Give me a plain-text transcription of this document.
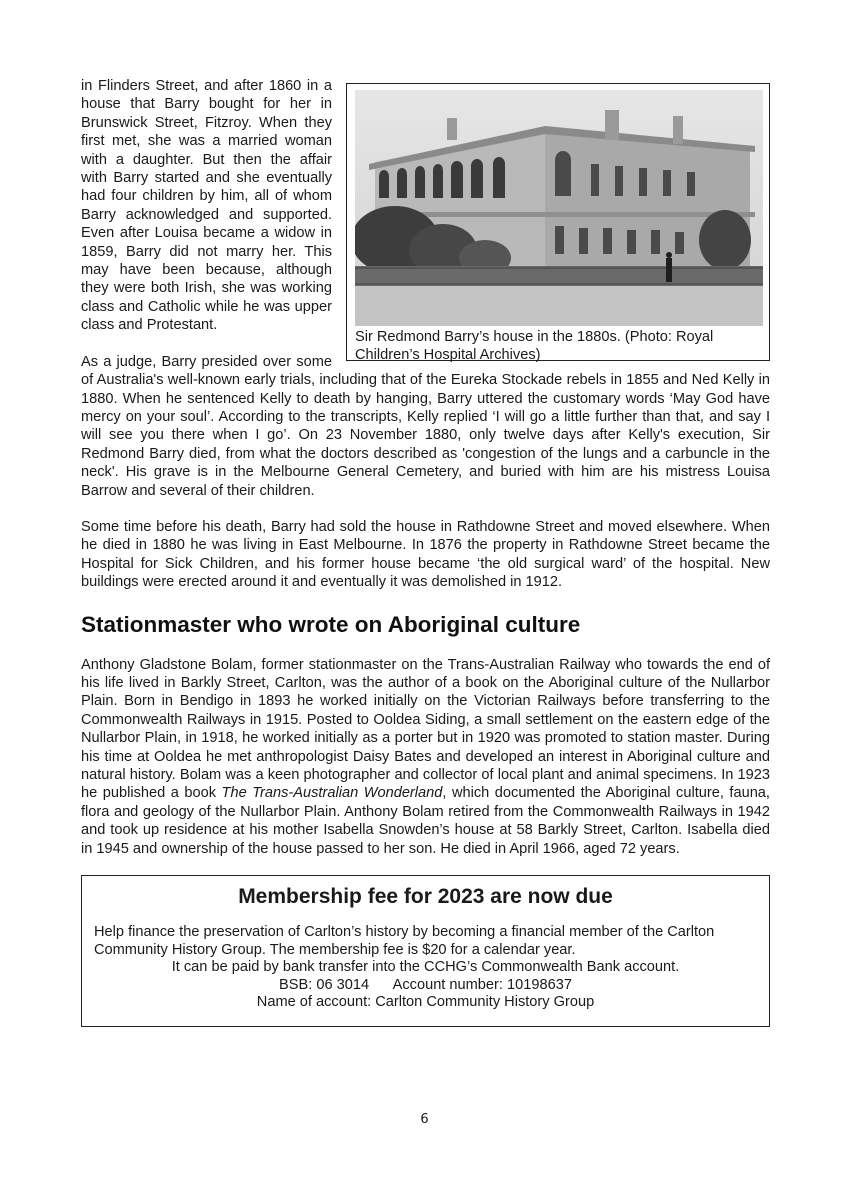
Sir Redmond Barry’s house in the 1880s. (Photo: Royal Children’s Hospital Archives)

in Flinders Street, and after 1860 in a house that Barry bought for her in Brunswick Street, Fitzroy. When they first met, she was a married woman with a daughter. But then the affair with Barry started and she eventually had four children by him, all of whom Barry acknowledged and supported. Even after Louisa became a widow in 1859, Barry did not marry her. This may have been because, although they were both Irish, she was working class and Catholic while he was upper class and Protestant.

As a judge, Barry presided over some of Australia's well-known early trials, including that of the Eureka Stockade rebels in 1855 and Ned Kelly in 1880. When he sentenced Kelly to death by hanging, Barry uttered the customary words ‘May God have mercy on your soul’. According to the transcripts, Kelly replied ‘I will go a little further than that, and say I will see you there when I go’. On 23 November 1880, only twelve days after Kelly's execution, Sir Redmond Barry died, from what the doctors described as 'congestion of the lungs and a carbuncle in the neck'. His grave is in the Melbourne General Cemetery, and buried with him are his mistress Louisa Barrow and several of their children.

Some time before his death, Barry had sold the house in Rathdowne Street and moved elsewhere. When he died in 1880 he was living in East Melbourne. In 1876 the property in Rathdowne Street became the Hospital for Sick Children, and his former house became ‘the old surgical ward’ of the hospital. New buildings were erected around it and eventually it was demolished in 1912.

Stationmaster who wrote on Aboriginal culture

Anthony Gladstone Bolam, former stationmaster on the Trans-Australian Railway who towards the end of his life lived in Barkly Street, Carlton, was the author of a book on the Aboriginal culture of the Nullarbor Plain. Born in Bendigo in 1893 he worked initially on the Victorian Railways before transferring to the Commonwealth Railways in 1915. Posted to Ooldea Siding, a small settlement on the eastern edge of the Nullarbor Plain, in 1918, he worked initially as a porter but in 1920 was promoted to station master. During his time at Ooldea he met anthropologist Daisy Bates and developed an interest in Aboriginal culture and natural history. Bolam was a keen photographer and collector of local plant and animal specimens. In 1923 he published a book The Trans-Australian Wonderland, which documented the Aboriginal culture, fauna, flora and geology of the Nullarbor Plain. Anthony Bolam retired from the Commonwealth Railways in 1942 and took up residence at his mother Isabella Snowden’s house at 58 Barkly Street, Carlton. Isabella died in 1945 and ownership of the house passed to her son. He died in April 1966, aged 72 years.

Membership fee for 2023 are now due

Help finance the preservation of Carlton’s history by becoming a financial member of the Carlton Community History Group. The membership fee is $20 for a calendar year.

It can be paid by bank transfer into the CCHG’s Commonwealth Bank account.

BSB: 06 3014      Account number: 10198637

Name of account: Carlton Community History Group

6
